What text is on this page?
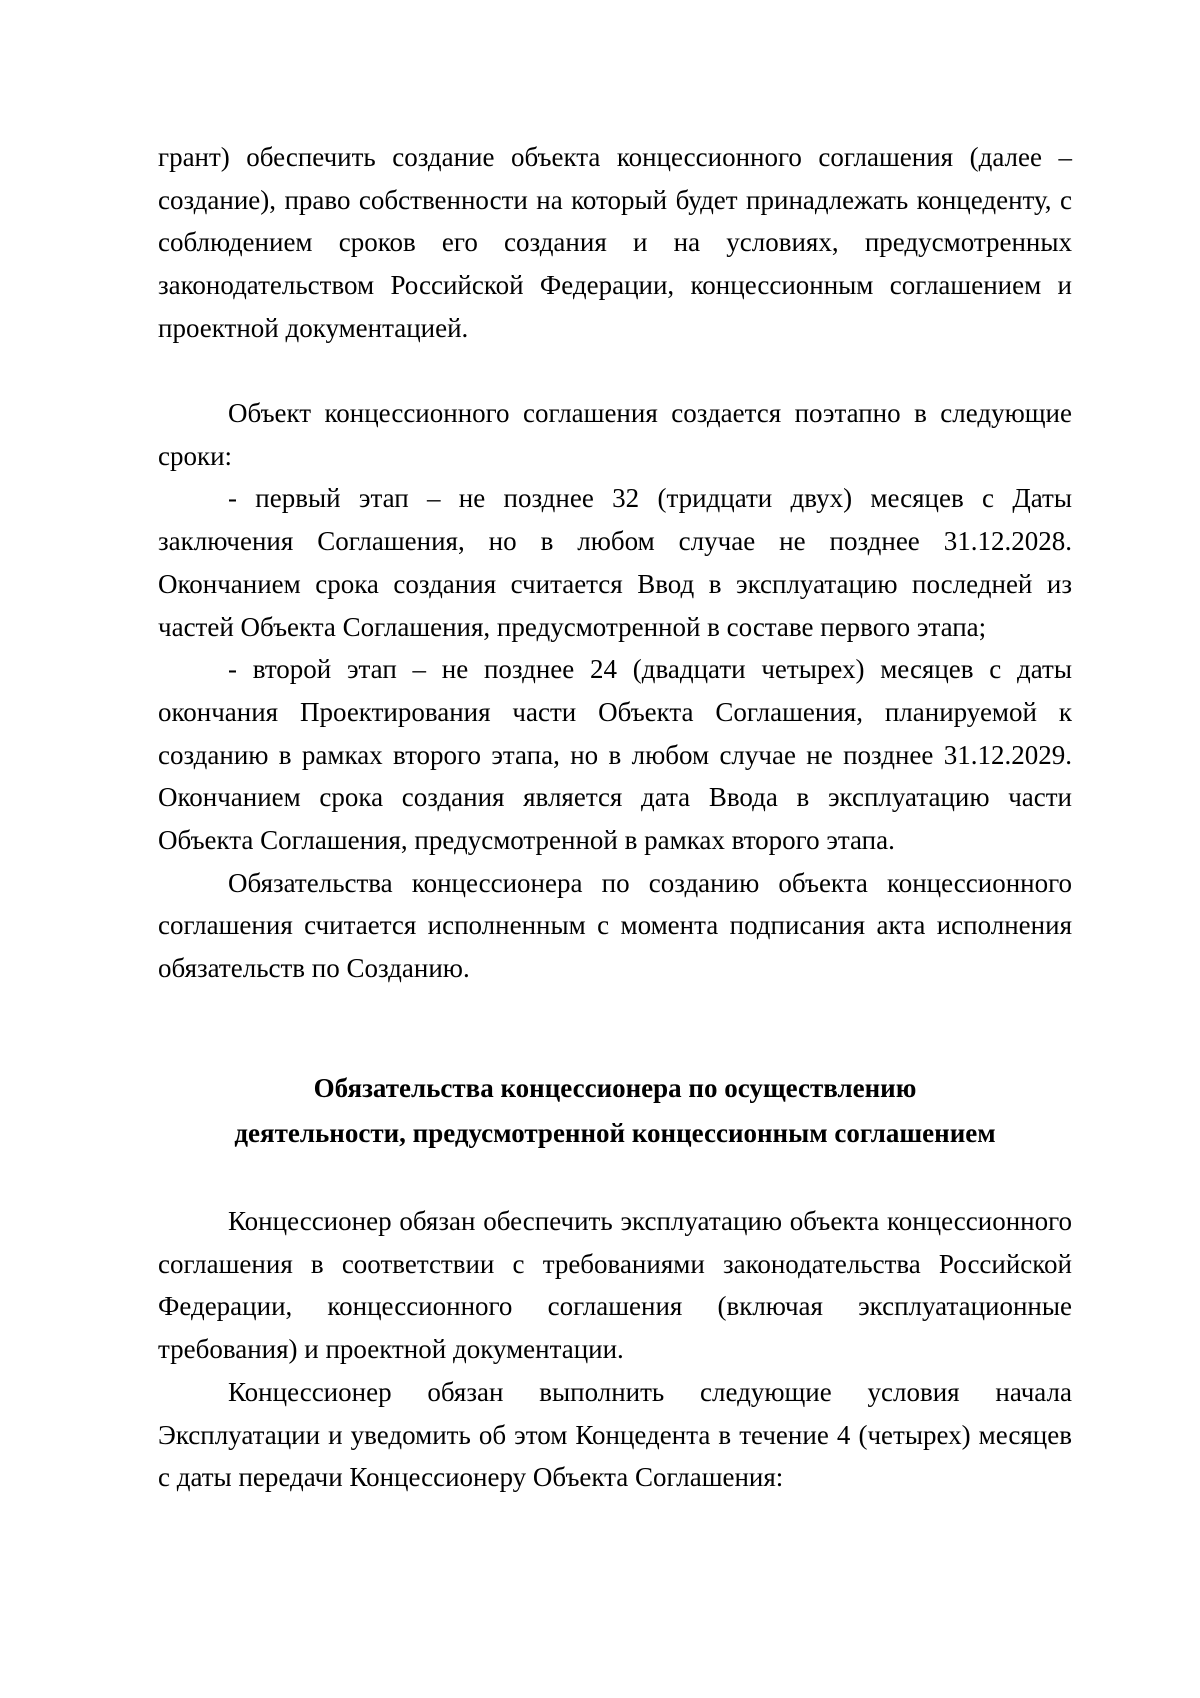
грант) обеспечить создание объекта концессионного соглашения (далее – создание), право собственности на который будет принадлежать концеденту, с соблюдением сроков его создания и на условиях, предусмотренных законодательством Российской Федерации, концессионным соглашением и проектной документацией.

Объект концессионного соглашения создается поэтапно в следующие сроки:

- первый этап – не позднее 32 (тридцати двух) месяцев с Даты заключения Соглашения, но в любом случае не позднее 31.12.2028. Окончанием срока создания считается Ввод в эксплуатацию последней из частей Объекта Соглашения, предусмотренной в составе первого этапа;

- второй этап – не позднее 24 (двадцати четырех) месяцев с даты окончания Проектирования части Объекта Соглашения, планируемой к созданию в рамках второго этапа, но в любом случае не позднее 31.12.2029. Окончанием срока создания является дата Ввода в эксплуатацию части Объекта Соглашения, предусмотренной в рамках второго этапа.

Обязательства концессионера по созданию объекта концессионного соглашения считается исполненным с момента подписания акта исполнения обязательств по Созданию.

Обязательства концессионера по осуществлению
деятельности, предусмотренной концессионным соглашением

Концессионер обязан обеспечить эксплуатацию объекта концессионного соглашения в соответствии с требованиями законодательства Российской Федерации, концессионного соглашения (включая эксплуатационные требования) и проектной документации.

Концессионер обязан выполнить следующие условия начала Эксплуатации и уведомить об этом Концедента в течение 4 (четырех) месяцев с даты передачи Концессионеру Объекта Соглашения:
